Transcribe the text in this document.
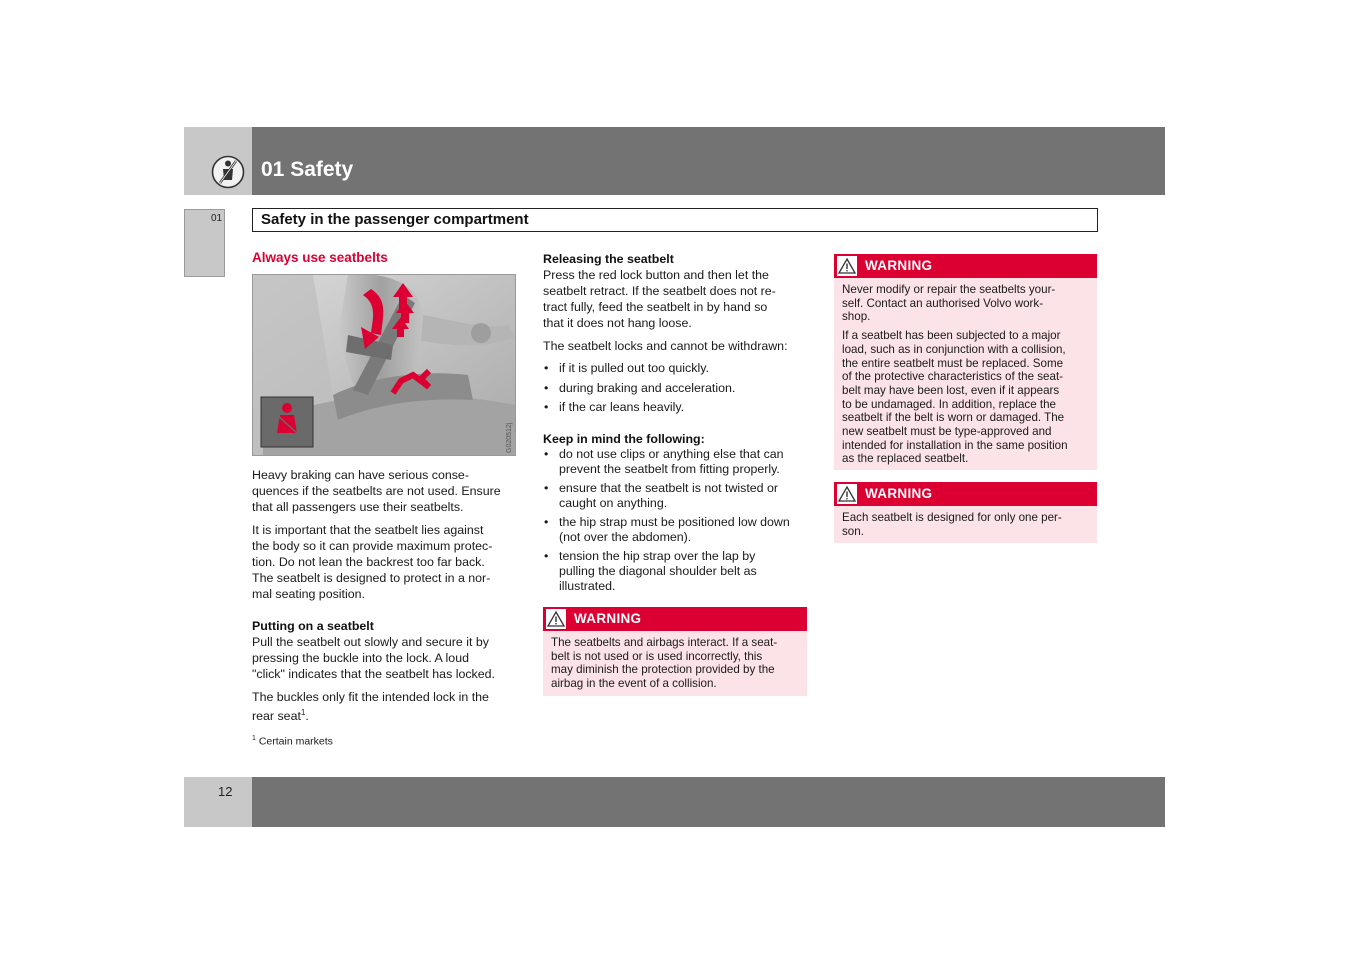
01 Safety
01	Safety in the passenger compartment
Always use seatbelts
G020512j
Heavy braking can have serious conse-
quences if the seatbelts are not used. Ensure
that all passengers use their seatbelts.
It is important that the seatbelt lies against
the body so it can provide maximum protec-
tion. Do not lean the backrest too far back.
The seatbelt is designed to protect in a nor-
mal seating position.
Putting on a seatbelt
Pull the seatbelt out slowly and secure it by
pressing the buckle into the lock. A loud
"click" indicates that the seatbelt has locked.
The buckles only fit the intended lock in the
rear seat$^1$.
$^1$ Certain markets
Releasing the seatbelt
Press the red lock button and then let the
seatbelt retract. If the seatbelt does not re-
tract fully, feed the seatbelt in by hand so
that it does not hang loose.
The seatbelt locks and cannot be withdrawn:
• if it is pulled out too quickly.
• during braking and acceleration.
• if the car leans heavily.
Keep in mind the following:
• do not use clips or anything else that can
prevent the seatbelt from fitting properly.
• ensure that the seatbelt is not twisted or
caught on anything.
• the hip strap must be positioned low down
(not over the abdomen).
• tension the hip strap over the lap by
pulling the diagonal shoulder belt as
illustrated.
WARNING

The seatbelts and airbags interact. If a seat-

belt is not used or is used incorrectly, this

may diminish the protection provided by the

airbag in the event of a collision.

WARNING

Never modify or repair the seatbelts your-

self. Contact an authorised Volvo work-

shop.

If a seatbelt has been subjected to a major

load, such as in conjunction with a collision,

the entire seatbelt must be replaced. Some

of the protective characteristics of the seat-

belt may have been lost, even if it appears

to be undamaged. In addition, replace the

seatbelt if the belt is worn or damaged. The

new seatbelt must be type-approved and

intended for installation in the same position

as the replaced seatbelt.

WARNING

Each seatbelt is designed for only one per-

son.

12
